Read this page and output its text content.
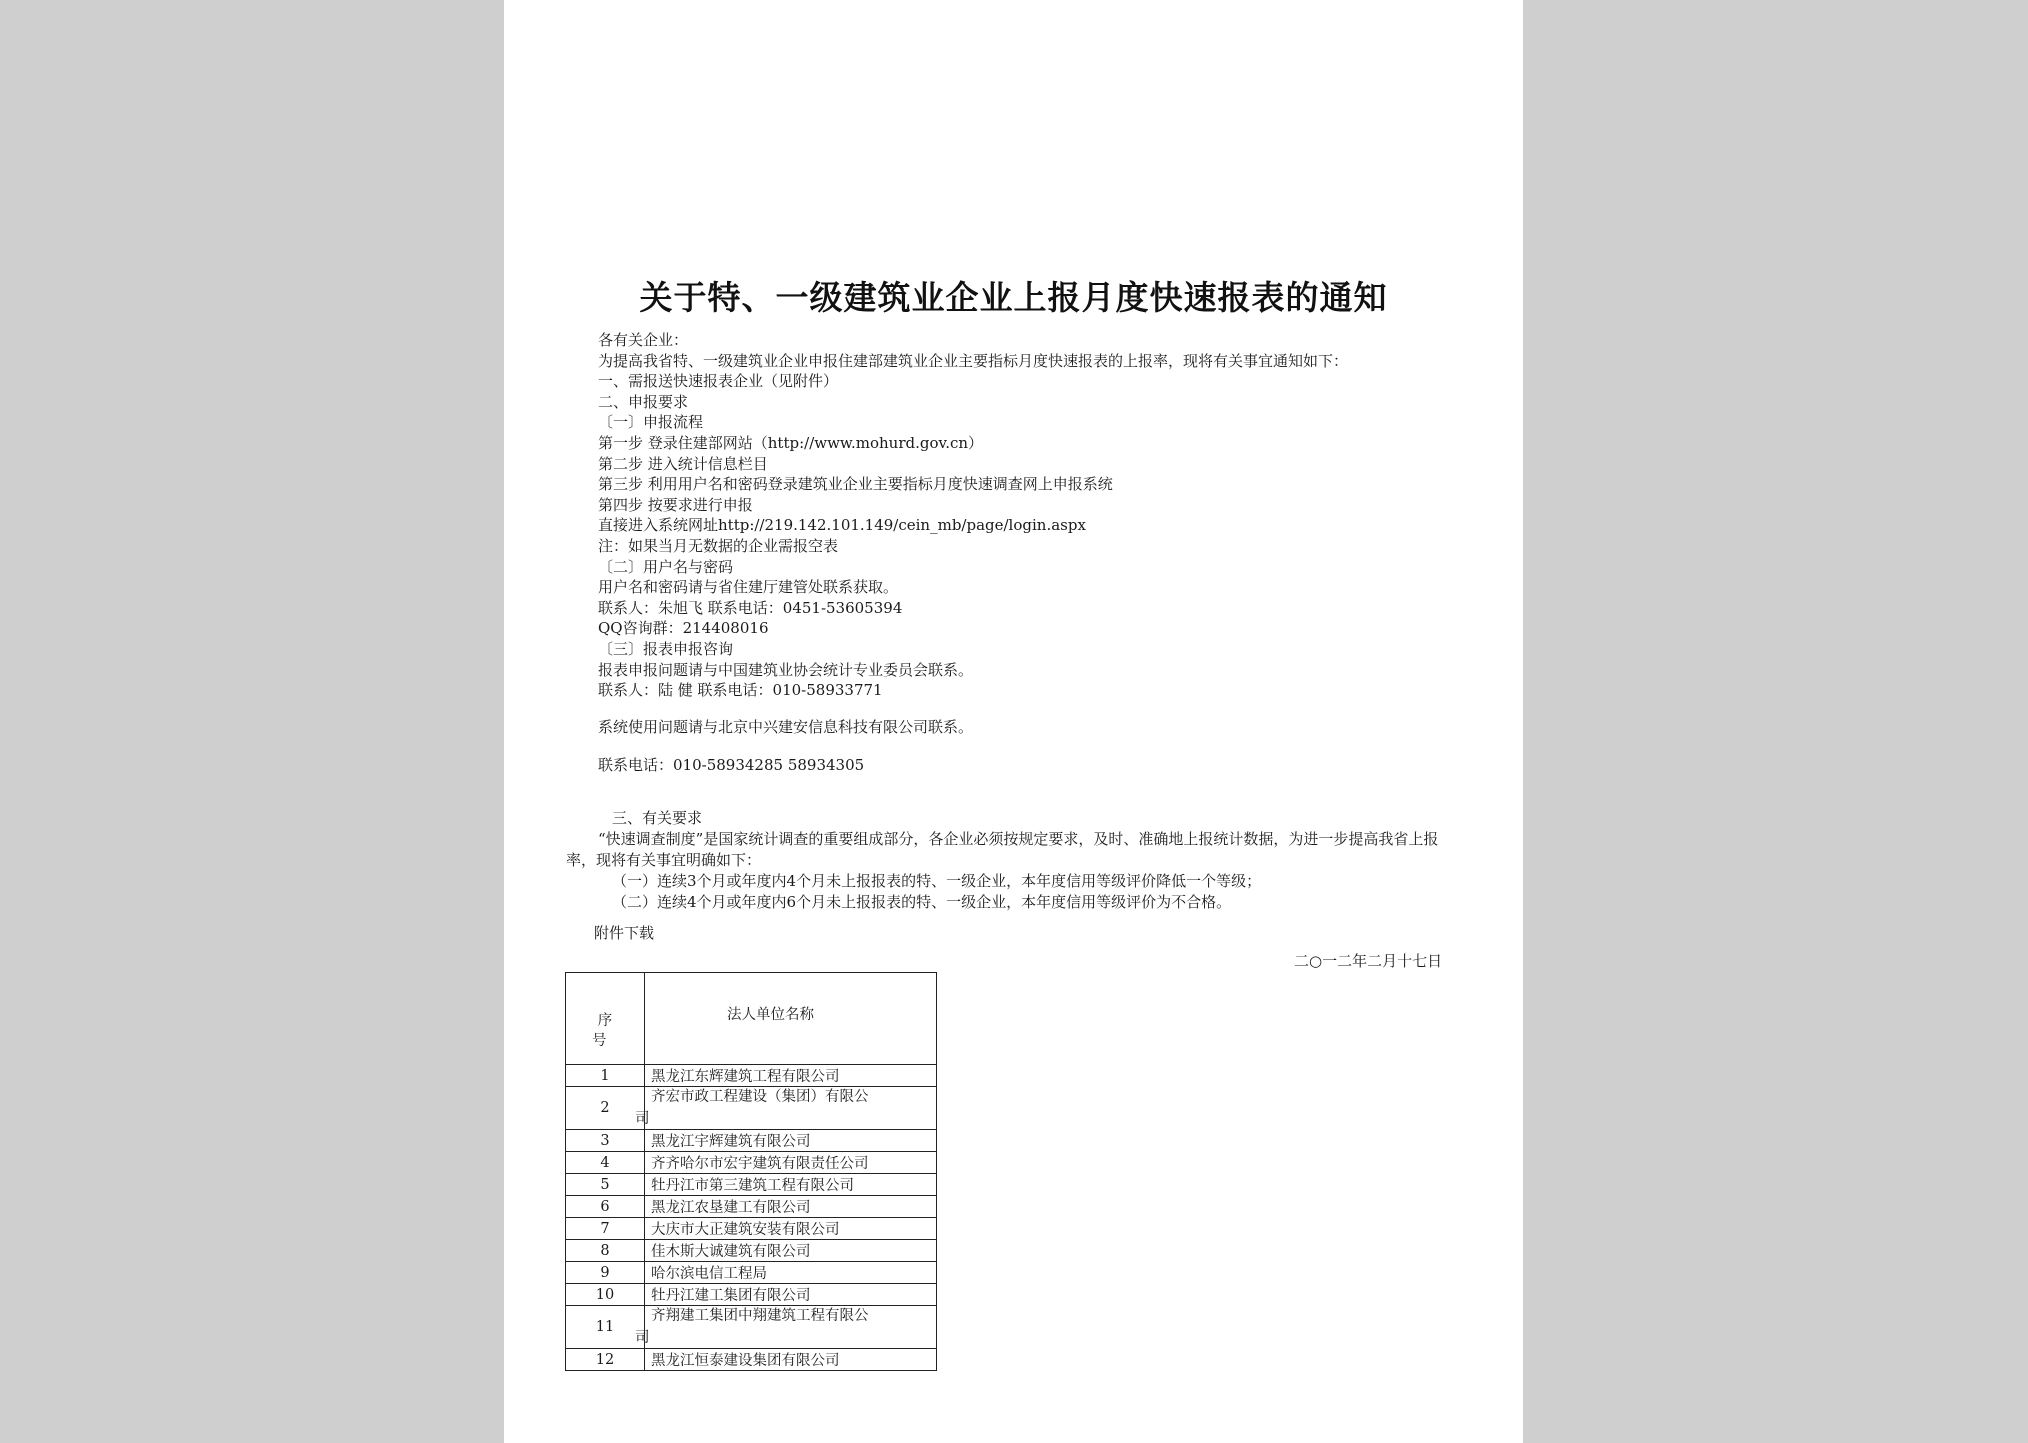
关于特、一级建筑业企业上报月度快速报表的通知
各有关企业：
为提高我省特、一级建筑业企业申报住建部建筑业企业主要指标月度快速报表的上报率，现将有关事宜通知如下：
一、需报送快速报表企业（见附件）
二、申报要求
〔一〕申报流程
第一步 登录住建部网站（http://www.mohurd.gov.cn）
第二步 进入统计信息栏目
第三步 利用用户名和密码登录建筑业企业主要指标月度快速调查网上申报系统
第四步 按要求进行申报
直接进入系统网址http://219.142.101.149/cein_mb/page/login.aspx
注：如果当月无数据的企业需报空表
〔二〕用户名与密码
用户名和密码请与省住建厅建管处联系获取。
联系人：朱旭飞 联系电话：0451-53605394
QQ咨询群：214408016
〔三〕报表申报咨询
报表申报问题请与中国建筑业协会统计专业委员会联系。
联系人：陆 健 联系电话：010-58933771
系统使用问题请与北京中兴建安信息科技有限公司联系。
联系电话：010-58934285 58934305
三、有关要求
“快速调查制度”是国家统计调查的重要组成部分，各企业必须按规定要求，及时、准确地上报统计数据，为进一步提高我省上报率，现将有关事宜明确如下：
（一）连续3个月或年度内4个月未上报报表的特、一级企业，本年度信用等级评价降低一个等级；
（二）连续4个月或年度内6个月未上报报表的特、一级企业，本年度信用等级评价为不合格。
附件下载
二○一二年二月十七日
序
号	法人单位名称
1	黑龙江东辉建筑工程有限公司
2	齐宏市政工程建设（集团）有限公
司

3	黑龙江宇辉建筑有限公司
4	齐齐哈尔市宏宇建筑有限责任公司
5	牡丹江市第三建筑工程有限公司
6	黑龙江农垦建工有限公司
7	大庆市大正建筑安装有限公司
8	佳木斯大诚建筑有限公司
9	哈尔滨电信工程局
10	牡丹江建工集团有限公司
11	齐翔建工集团中翔建筑工程有限公
司

12	黑龙江恒泰建设集团有限公司
